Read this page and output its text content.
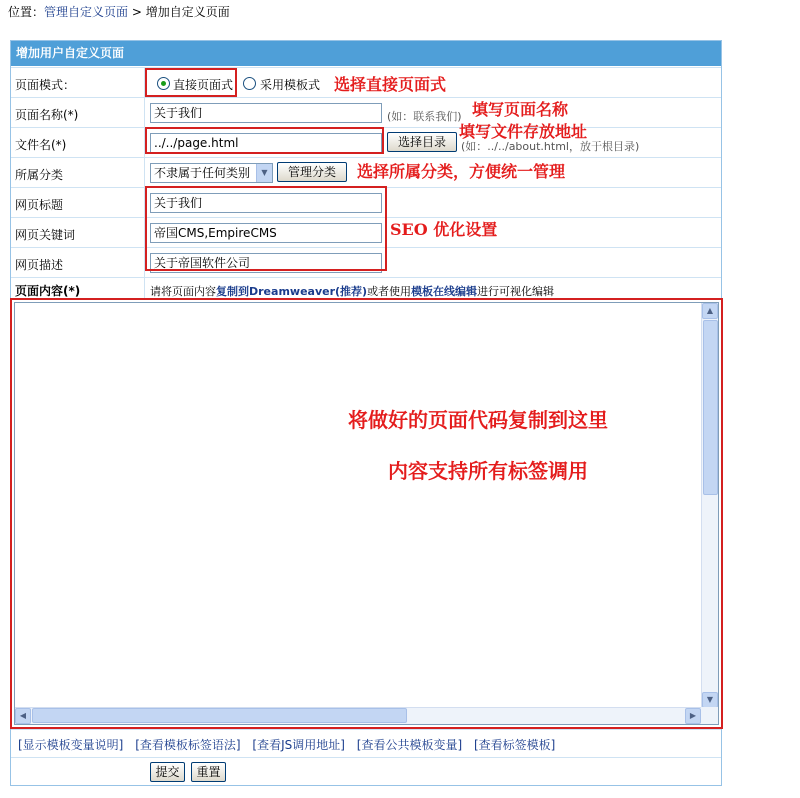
位置：管理自定义页面 > 增加自定义页面
增加用户自定义页面
页面模式：	直接页面式 采用模板式
页面名称(*)	关于我们	(如：联系我们)
文件名(*)	../../page.html	选择目录	(如：../../about.html，放于根目录)
所属分类	不隶属于任何类别	▼	管理分类
网页标题	关于我们
网页关键词	帝国CMS,EmpireCMS
网页描述	关于帝国软件公司
页面内容(*)	请将页面内容复制到Dreamweaver(推荐)或者使用模板在线编辑进行可视化编辑
提交	重置
▲
▼
◀	▶
选择直接页面式
填写页面名称
填写文件存放地址
选择所属分类，方便统一管理
SEO 优化设置
将做好的页面代码复制到这里
内容支持所有标签调用
[显示模板变量说明] [查看模板标签语法] [查看JS调用地址] [查看公共模板变量] [查看标签模板]
